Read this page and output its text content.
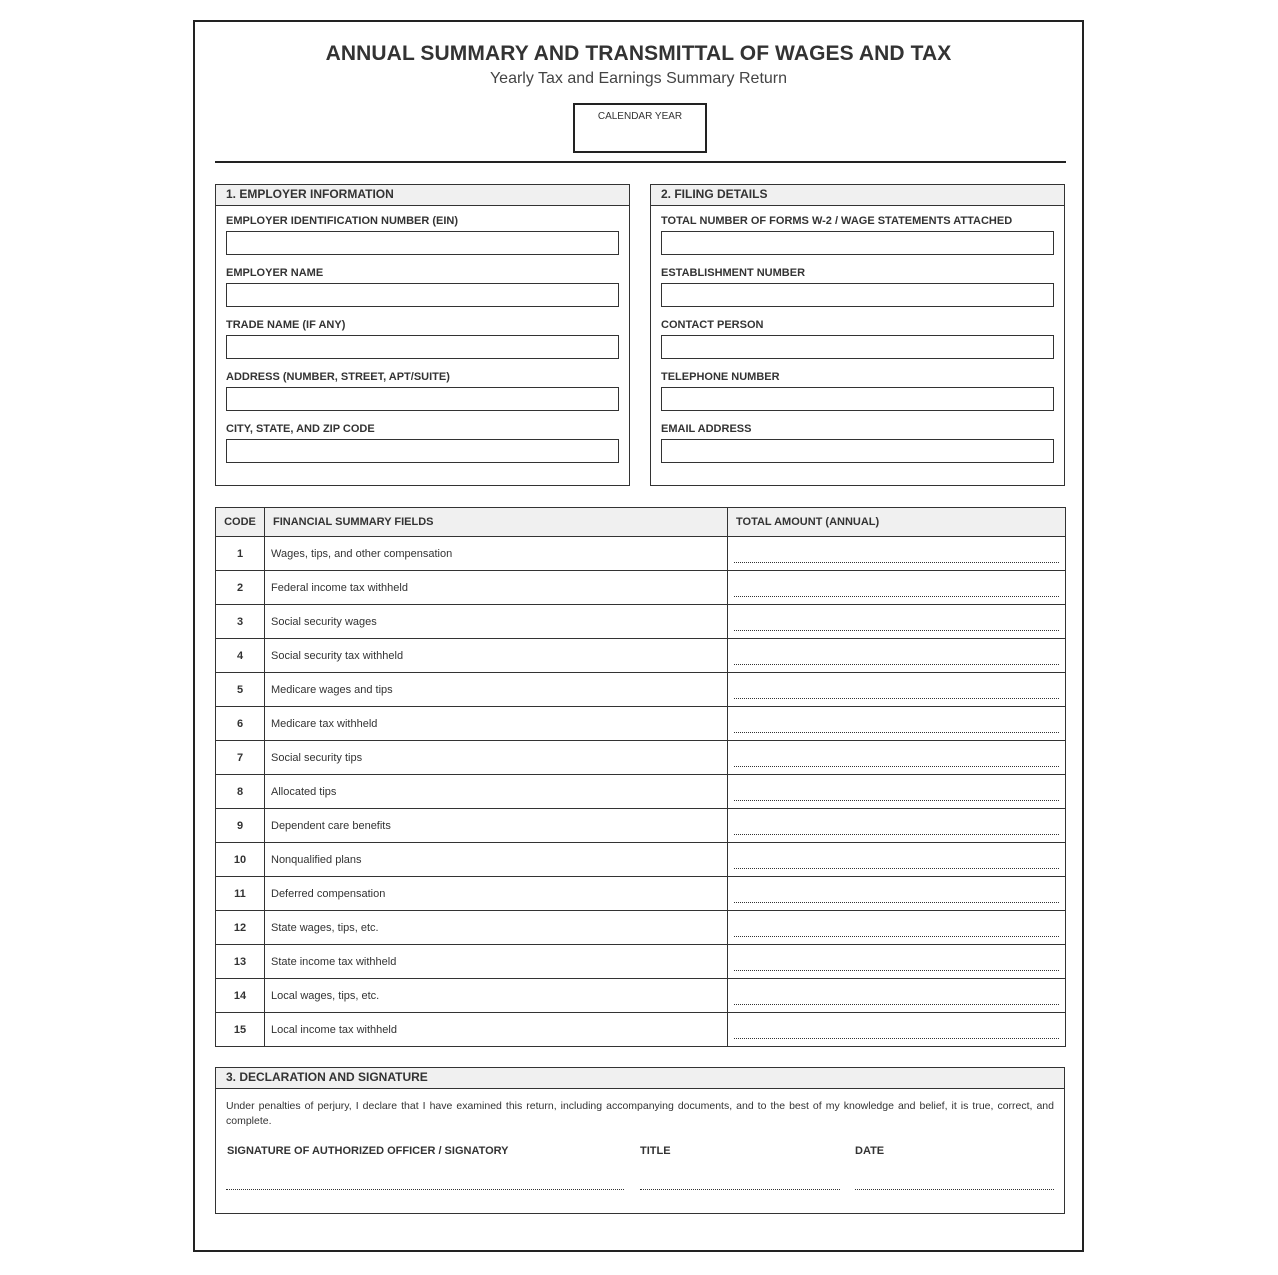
ANNUAL SUMMARY AND TRANSMITTAL OF WAGES AND TAX
Yearly Tax and Earnings Summary Return
CALENDAR YEAR
1. EMPLOYER INFORMATION
EMPLOYER IDENTIFICATION NUMBER (EIN)
EMPLOYER NAME
TRADE NAME (IF ANY)
ADDRESS (NUMBER, STREET, APT/SUITE)
CITY, STATE, AND ZIP CODE
2. FILING DETAILS
TOTAL NUMBER OF FORMS W-2 / WAGE STATEMENTS ATTACHED
ESTABLISHMENT NUMBER
CONTACT PERSON
TELEPHONE NUMBER
EMAIL ADDRESS
CODE	FINANCIAL SUMMARY FIELDS	TOTAL AMOUNT (ANNUAL)
1	Wages, tips, and other compensation	

2	Federal income tax withheld	

3	Social security wages	

4	Social security tax withheld	

5	Medicare wages and tips	

6	Medicare tax withheld	

7	Social security tips	

8	Allocated tips	

9	Dependent care benefits	

10	Nonqualified plans	

11	Deferred compensation	

12	State wages, tips, etc.	

13	State income tax withheld	

14	Local wages, tips, etc.	

15	Local income tax withheld	
3. DECLARATION AND SIGNATURE
Under penalties of perjury, I declare that I have examined this return, including accompanying documents, and to the best of my knowledge and belief, it is true, correct, and complete.
SIGNATURE OF AUTHORIZED OFFICER / SIGNATORY	TITLE	DATE
